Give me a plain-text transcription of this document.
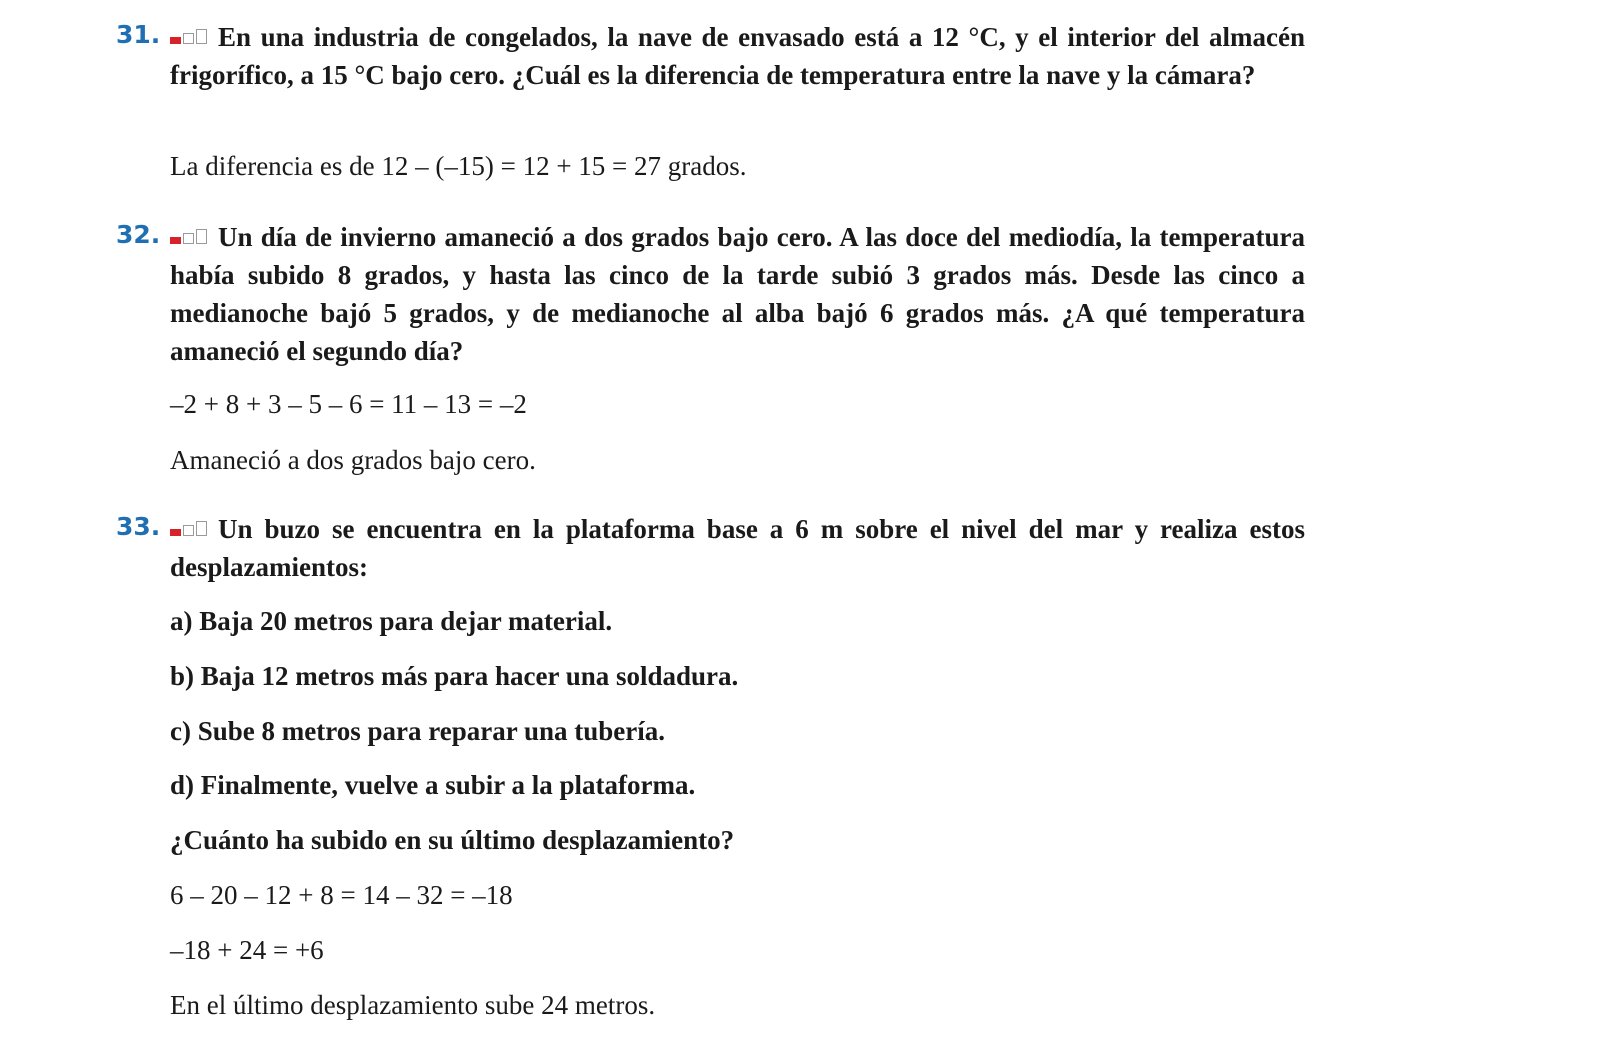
31.	En una industria de congelados, la nave de envasado está a 12 °C, y el interior del almacén frigorífico, a 15 °C bajo cero. ¿Cuál es la diferencia de temperatura entre la nave y la cámara?

La diferencia es de 12 – (–15) = 12 + 15 = 27 grados.

32.	Un día de invierno amaneció a dos grados bajo cero. A las doce del mediodía, la temperatura había subido 8 grados, y hasta las cinco de la tarde subió 3 grados más. Desde las cinco a medianoche bajó 5 grados, y de medianoche al alba bajó 6 grados más. ¿A qué temperatura amaneció el segundo día?

–2 + 8 + 3 – 5 – 6 = 11 – 13 = –2

Amaneció a dos grados bajo cero.

33.	Un buzo se encuentra en la plataforma base a 6 m sobre el nivel del mar y realiza estos desplazamientos:

a) Baja 20 metros para dejar material.

b) Baja 12 metros más para hacer una soldadura.

c) Sube 8 metros para reparar una tubería.

d) Finalmente, vuelve a subir a la plataforma.

¿Cuánto ha subido en su último desplazamiento?

6 – 20 – 12 + 8 = 14 – 32 = –18

–18 + 24 = +6

En el último desplazamiento sube 24 metros.
